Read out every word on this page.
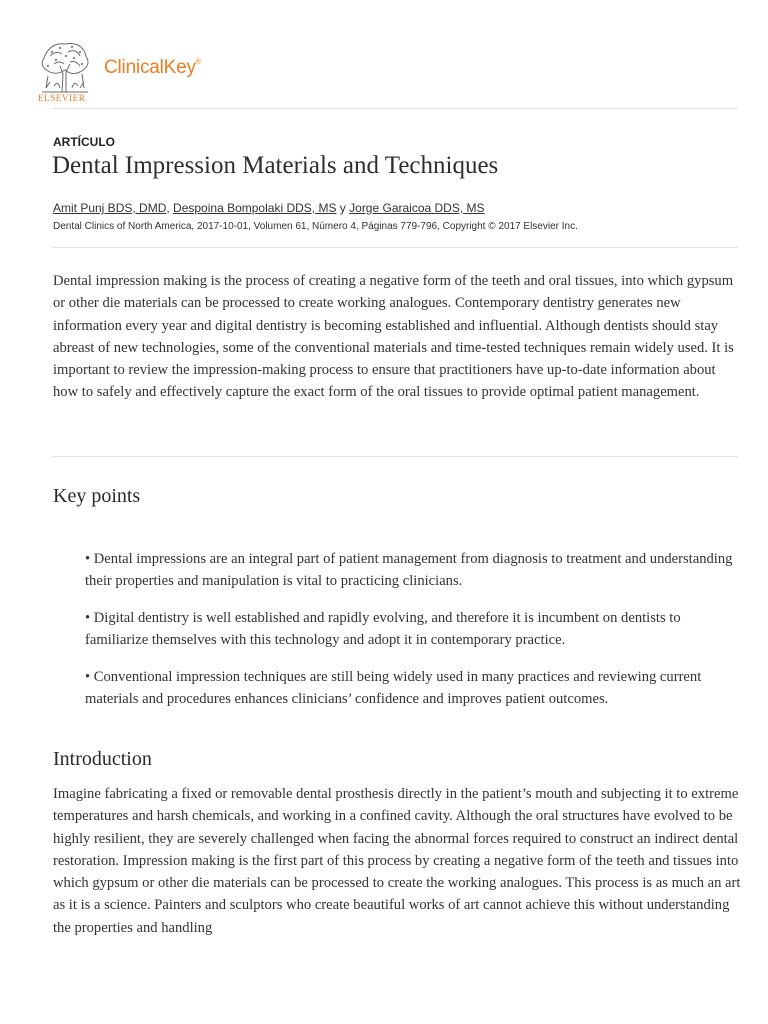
ELSEVIER
ClinicalKey®
ARTÍCULO
Dental Impression Materials and Techniques
Amit Punj BDS, DMD, Despoina Bompolaki DDS, MS y Jorge Garaicoa DDS, MS
Dental Clinics of North America, 2017-10-01, Volumen 61, Número 4, Páginas 779-796, Copyright © 2017 Elsevier Inc.
Dental impression making is the process of creating a negative form of the teeth and oral tissues, into which gypsum or other die materials can be processed to create working analogues. Contemporary dentistry generates new information every year and digital dentistry is becoming established and influential. Although dentists should stay abreast of new technologies, some of the conventional materials and time-tested techniques remain widely used. It is important to review the impression-making process to ensure that practitioners have up-to-date information about how to safely and effectively capture the exact form of the oral tissues to provide optimal patient management.
Key points
• Dental impressions are an integral part of patient management from diagnosis to treatment and understanding their properties and manipulation is vital to practicing clinicians.
• Digital dentistry is well established and rapidly evolving, and therefore it is incumbent on dentists to familiarize themselves with this technology and adopt it in contemporary practice.
• Conventional impression techniques are still being widely used in many practices and reviewing current materials and procedures enhances clinicians’ confidence and improves patient outcomes.
Introduction
Imagine fabricating a fixed or removable dental prosthesis directly in the patient’s mouth and subjecting it to extreme temperatures and harsh chemicals, and working in a confined cavity. Although the oral structures have evolved to be highly resilient, they are severely challenged when facing the abnormal forces required to construct an indirect dental restoration. Impression making is the first part of this process by creating a negative form of the teeth and tissues into which gypsum or other die materials can be processed to create the working analogues. This process is as much an art as it is a science. Painters and sculptors who create beautiful works of art cannot achieve this without understanding the properties and handling
